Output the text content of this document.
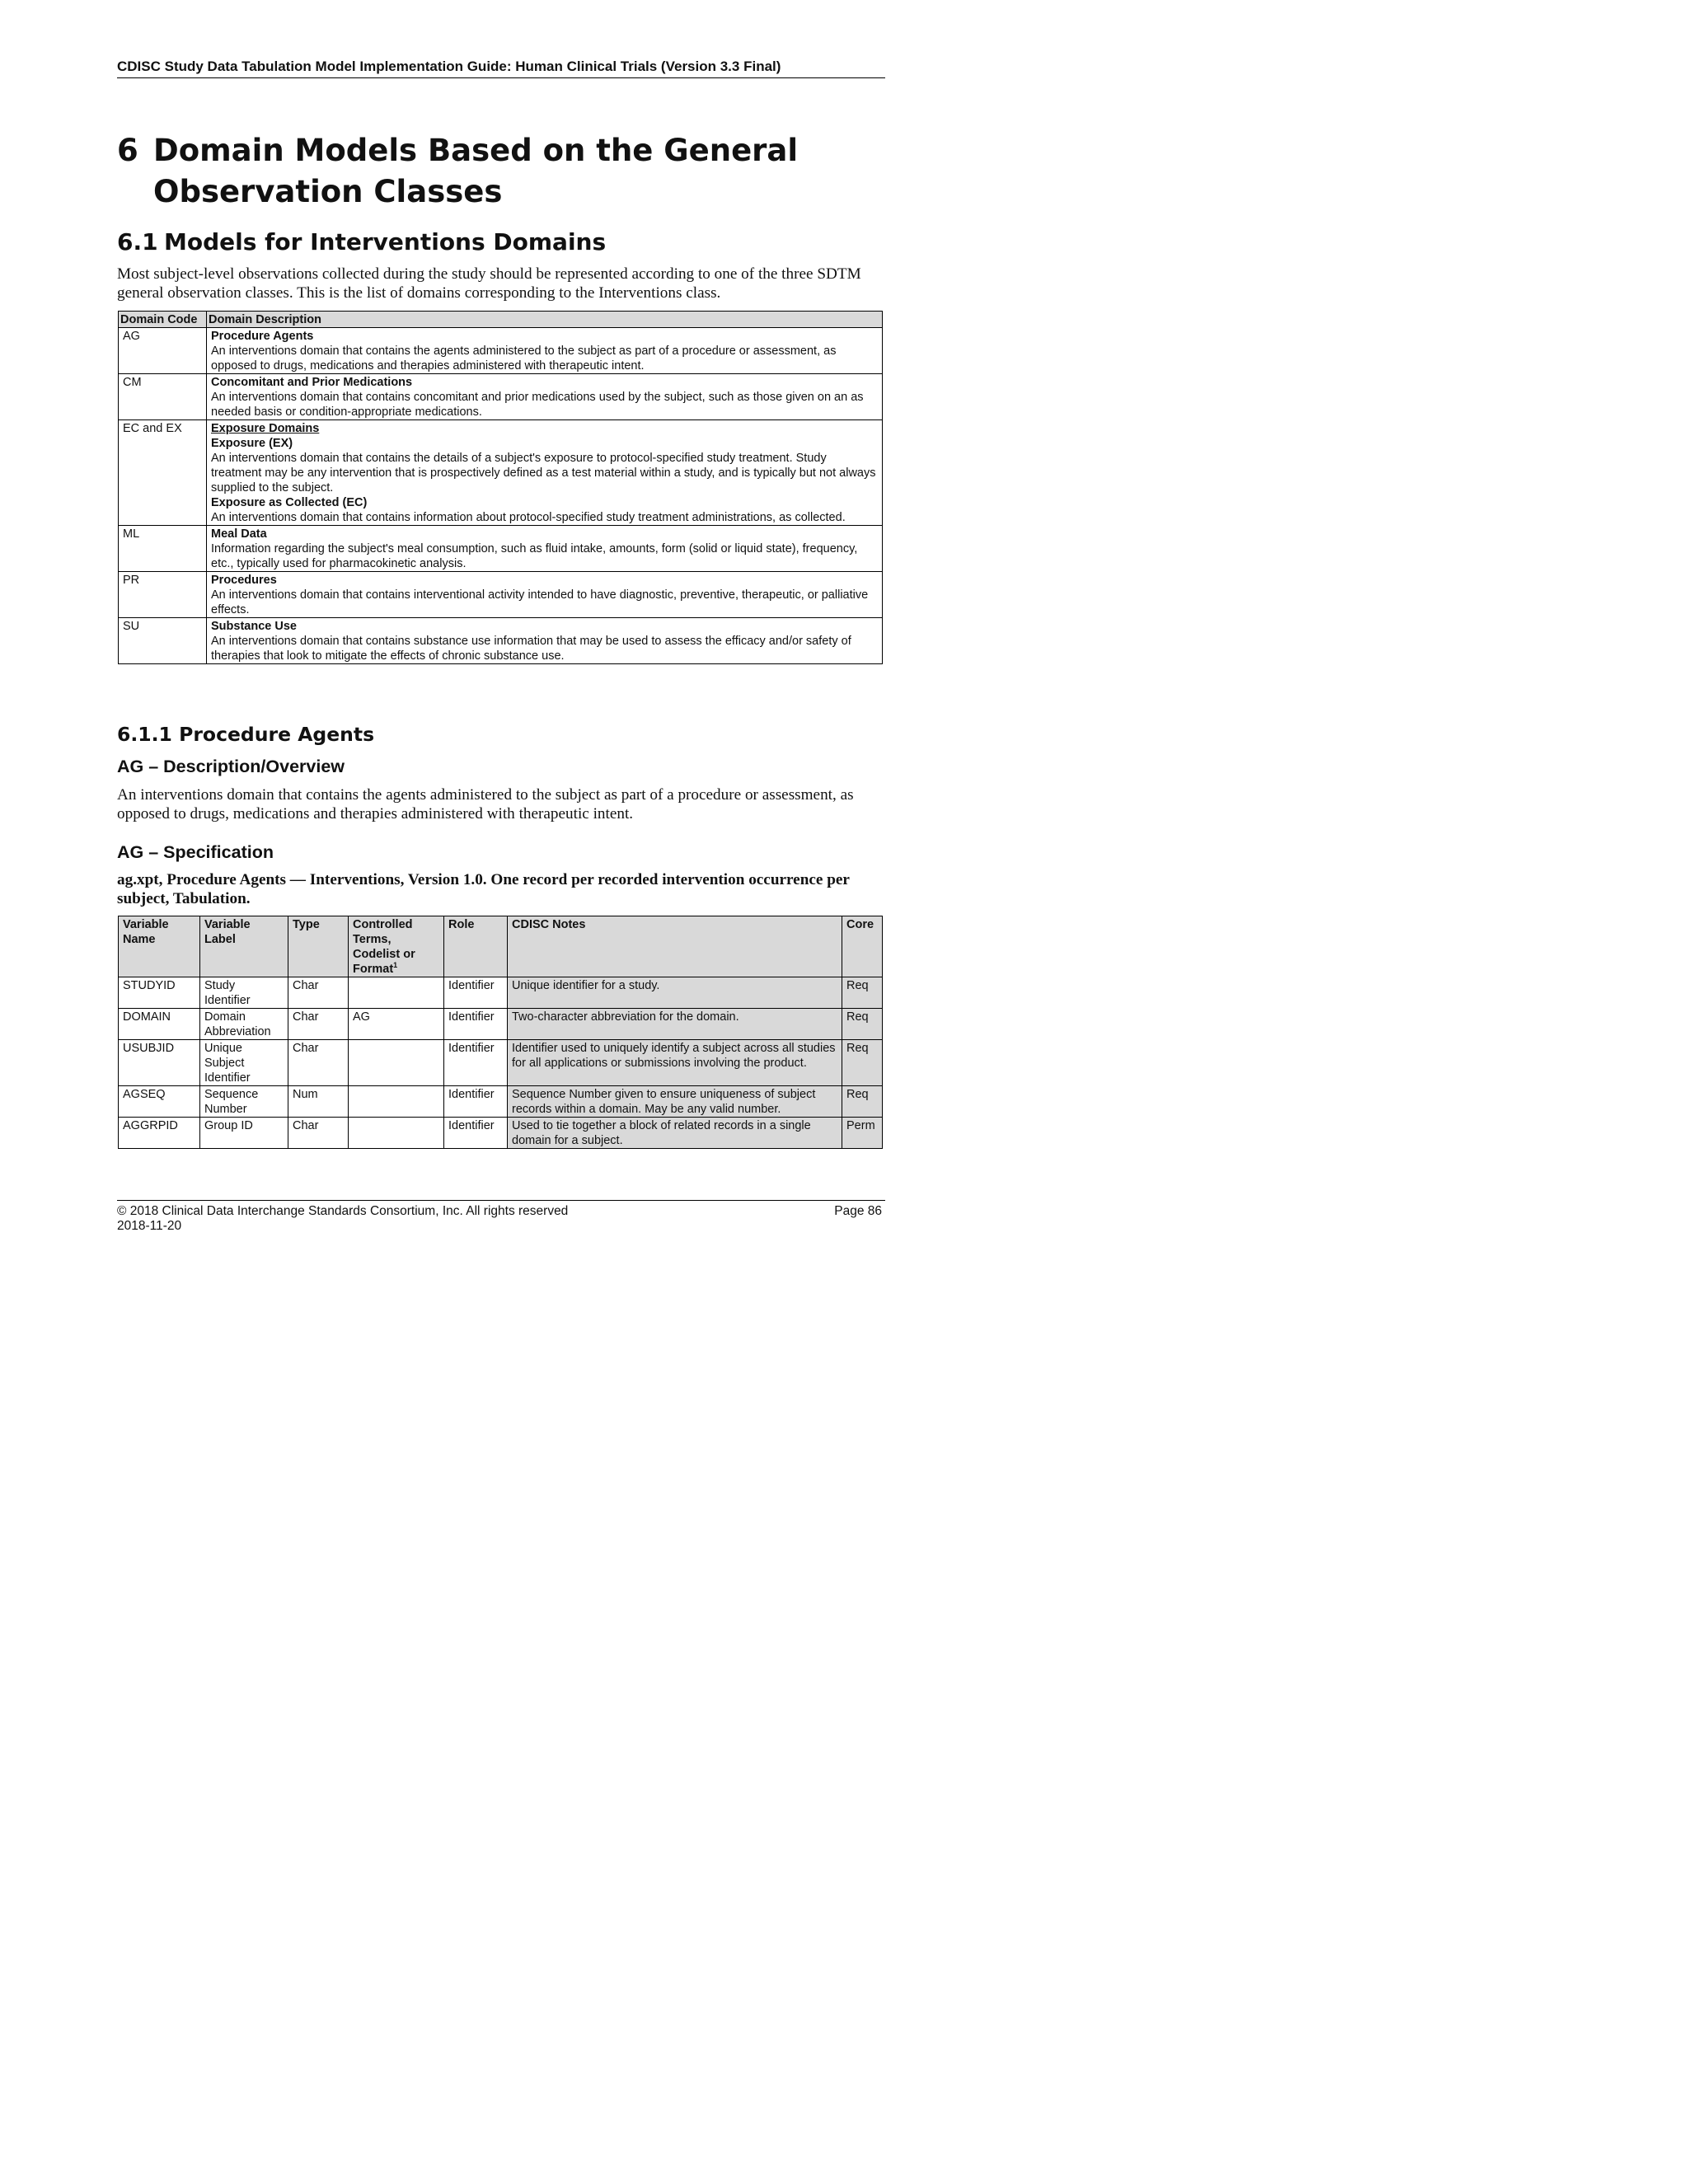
CDISC Study Data Tabulation Model Implementation Guide: Human Clinical Trials (Version 3.3 Final)
6 Domain Models Based on the General Observation Classes
6.1 Models for Interventions Domains
Most subject-level observations collected during the study should be represented according to one of the three SDTM general observation classes. This is the list of domains corresponding to the Interventions class.
Domain Code	Domain Description
AG	Procedure Agents
An interventions domain that contains the agents administered to the subject as part of a procedure or assessment, as opposed to drugs, medications and therapies administered with therapeutic intent.

CM	Concomitant and Prior Medications
An interventions domain that contains concomitant and prior medications used by the subject, such as those given on an as needed basis or condition-appropriate medications.

EC and EX	Exposure Domains
Exposure (EX)
An interventions domain that contains the details of a subject's exposure to protocol-specified study treatment. Study treatment may be any intervention that is prospectively defined as a test material within a study, and is typically but not always supplied to the subject.
Exposure as Collected (EC)
An interventions domain that contains information about protocol-specified study treatment administrations, as collected.

ML	Meal Data
Information regarding the subject's meal consumption, such as fluid intake, amounts, form (solid or liquid state), frequency, etc., typically used for pharmacokinetic analysis.

PR	Procedures
An interventions domain that contains interventional activity intended to have diagnostic, preventive, therapeutic, or palliative effects.

SU	Substance Use
An interventions domain that contains substance use information that may be used to assess the efficacy and/or safety of therapies that look to mitigate the effects of chronic substance use.
6.1.1 Procedure Agents
AG – Description/Overview
An interventions domain that contains the agents administered to the subject as part of a procedure or assessment, as opposed to drugs, medications and therapies administered with therapeutic intent.
AG – Specification
ag.xpt, Procedure Agents — Interventions, Version 1.0. One record per recorded intervention occurrence per subject, Tabulation.
Variable Name	Variable Label	Type	Controlled Terms, Codelist or Format$^1$	Role	CDISC Notes	Core
STUDYID	Study Identifier	Char		Identifier	Unique identifier for a study.	Req
DOMAIN	Domain Abbreviation	Char	AG	Identifier	Two-character abbreviation for the domain.	Req
USUBJID	Unique Subject Identifier	Char		Identifier	Identifier used to uniquely identify a subject across all studies for all applications or submissions involving the product.	Req
AGSEQ	Sequence Number	Num		Identifier	Sequence Number given to ensure uniqueness of subject records within a domain. May be any valid number.	Req
AGGRPID	Group ID	Char		Identifier	Used to tie together a block of related records in a single domain for a subject.	Perm
© 2018 Clinical Data Interchange Standards Consortium, Inc. All rights reserved
2018-11-20
Page 86
